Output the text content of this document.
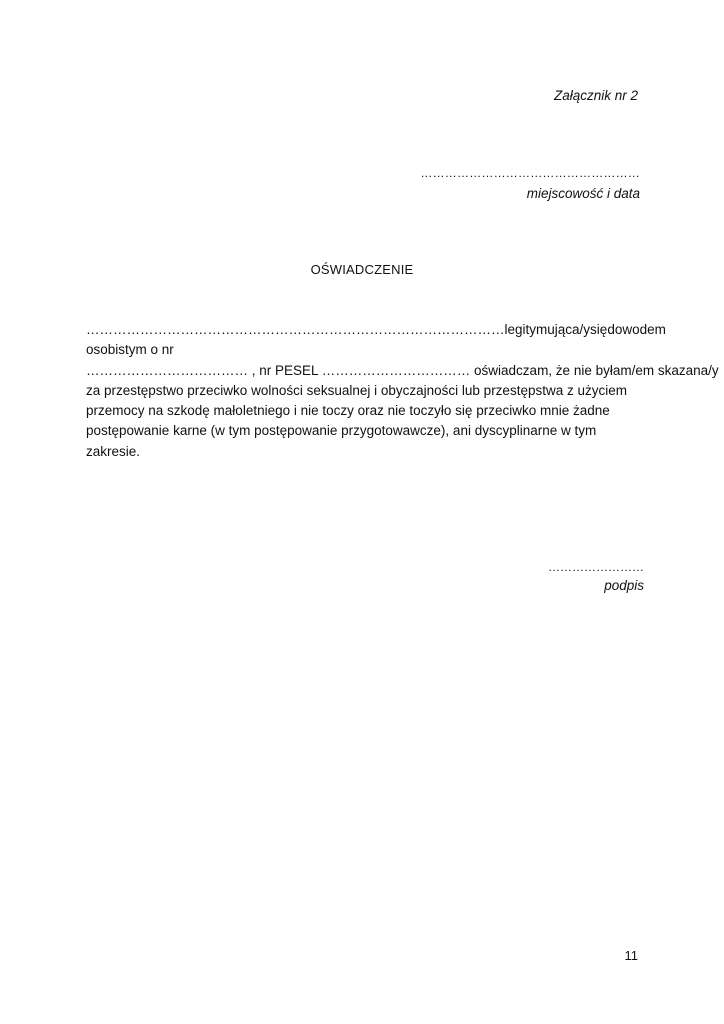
Załącznik nr 2
………………………………………………
miejscowość i data
OŚWIADCZENIE
………………………………………………………………………………… legitymująca/y się dowodem
osobistym o nr
……………………………… , nr PESEL …………………………… oświadczam, że nie byłam/em skazana/y
za przestępstwo przeciwko wolności seksualnej i obyczajności lub przestępstwa z użyciem
przemocy na szkodę małoletniego i nie toczy oraz nie toczyło się przeciwko mnie żadne
postępowanie karne (w tym postępowanie przygotowawcze), ani dyscyplinarne w tym
zakresie.
……………………
podpis
11
